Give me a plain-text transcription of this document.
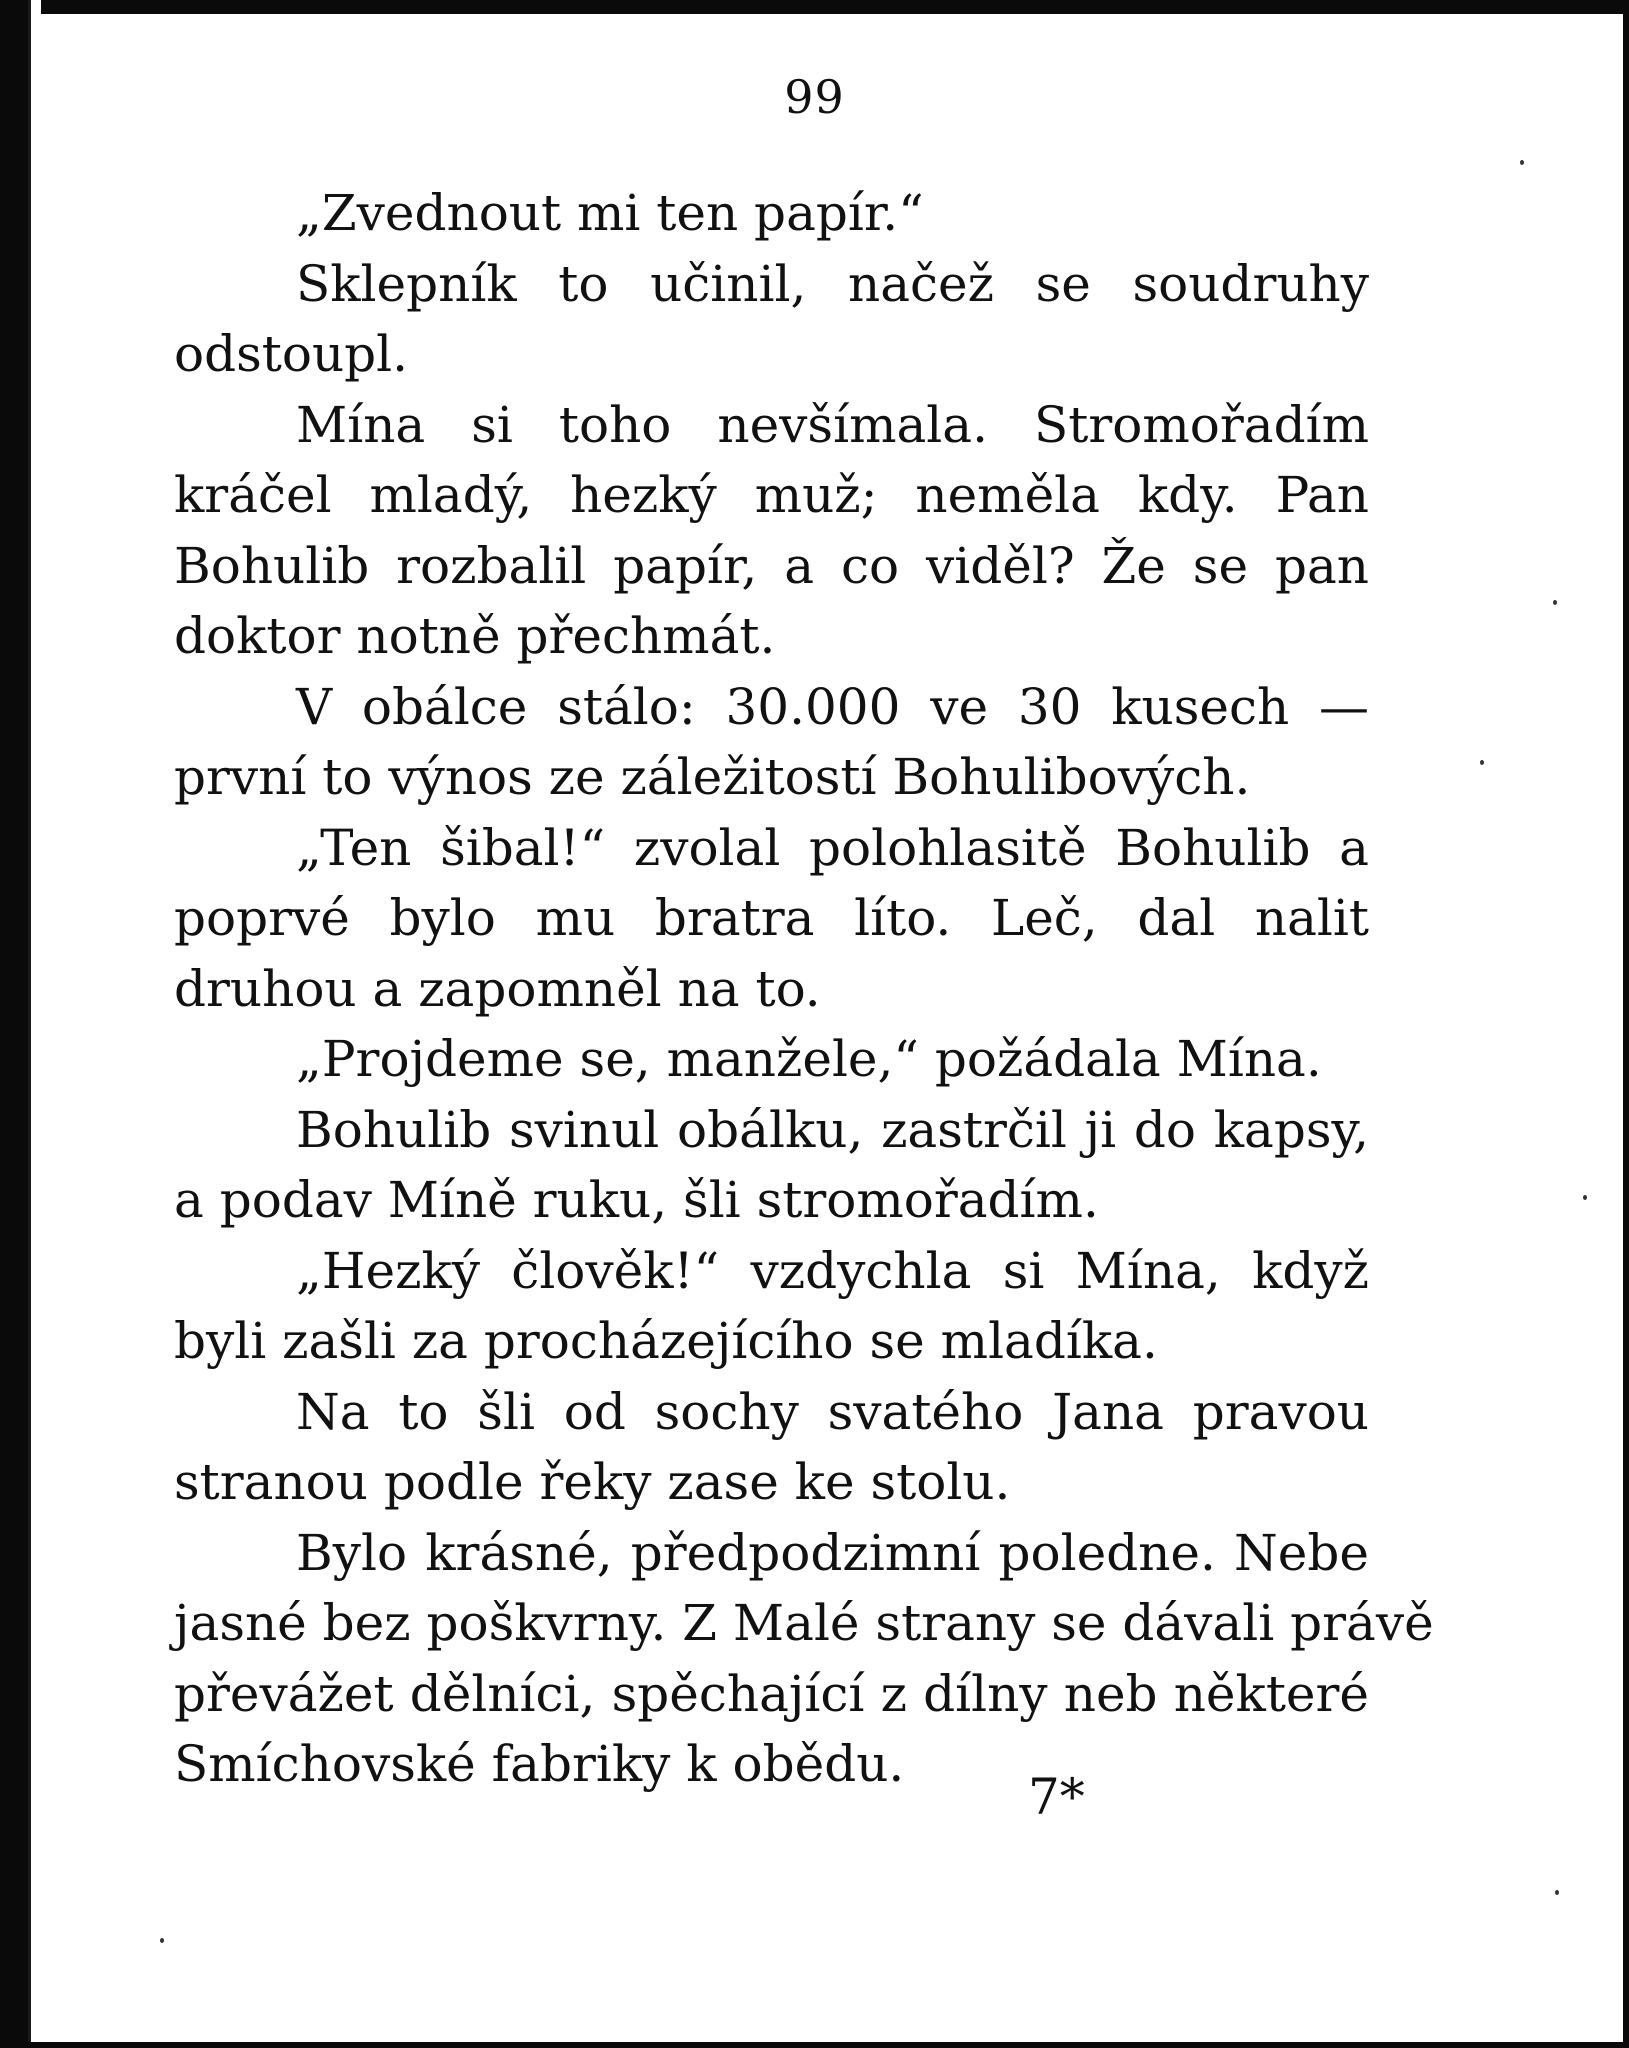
99
„Zvednout mi ten papír.“
Sklepník to učinil, načež se soudruhy
odstoupl.
Mína si toho nevšímala. Stromořadím
kráčel mladý, hezký muž; neměla kdy. Pan
Bohulib rozbalil papír, a co viděl? Že se pan
doktor notně přechmát.
V obálce stálo: 30.000 ve 30 kusech —
první to výnos ze záležitostí Bohulibových.
„Ten šibal!“ zvolal polohlasitě Bohulib a
poprvé bylo mu bratra líto. Leč, dal nalit
druhou a zapomněl na to.
„Projdeme se, manželе,“ požádala Mína.
Bohulib svinul obálku, zastrčil ji do kapsy,
a podav Míně ruku, šli stromořadím.
„Hezký člověk!“ vzdychla si Mína, když
byli zašli za procházejícího se mladíka.
Na to šli od sochy svatého Jana pravou
stranou podle řeky zase ke stolu.
Bylo krásné, předpodzimní poledne. Nebe
jasné bez poškvrny. Z Malé strany se dávali právě
převážet dělníci, spěchající z dílny neb některé
Smíchovské fabriky k obědu.
7*
